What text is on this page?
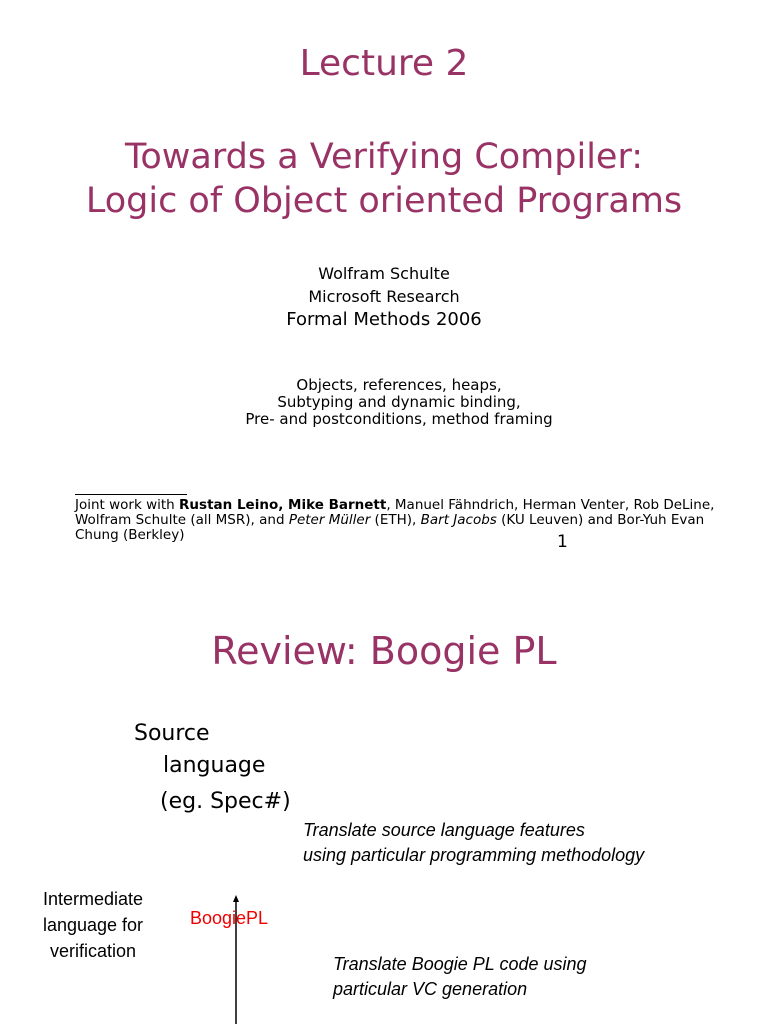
Lecture 2
Towards a Verifying Compiler:
Logic of Object oriented Programs
Wolfram Schulte
Microsoft Research
Formal Methods 2006
Objects, references, heaps,
Subtyping and dynamic binding,
Pre- and postconditions, method framing
Joint work with Rustan Leino, Mike Barnett, Manuel Fähndrich, Herman Venter, Rob DeLine, Wolfram Schulte (all MSR), and Peter Müller (ETH), Bart Jacobs (KU Leuven) and Bor-Yuh Evan Chung (Berkley)	1
Review: Boogie PL
Source
language
(eg. Spec#)
Translate source language features
using particular programming methodology
Intermediate
language for
verification
BoogiePL
Translate Boogie PL code using
particular VC generation
